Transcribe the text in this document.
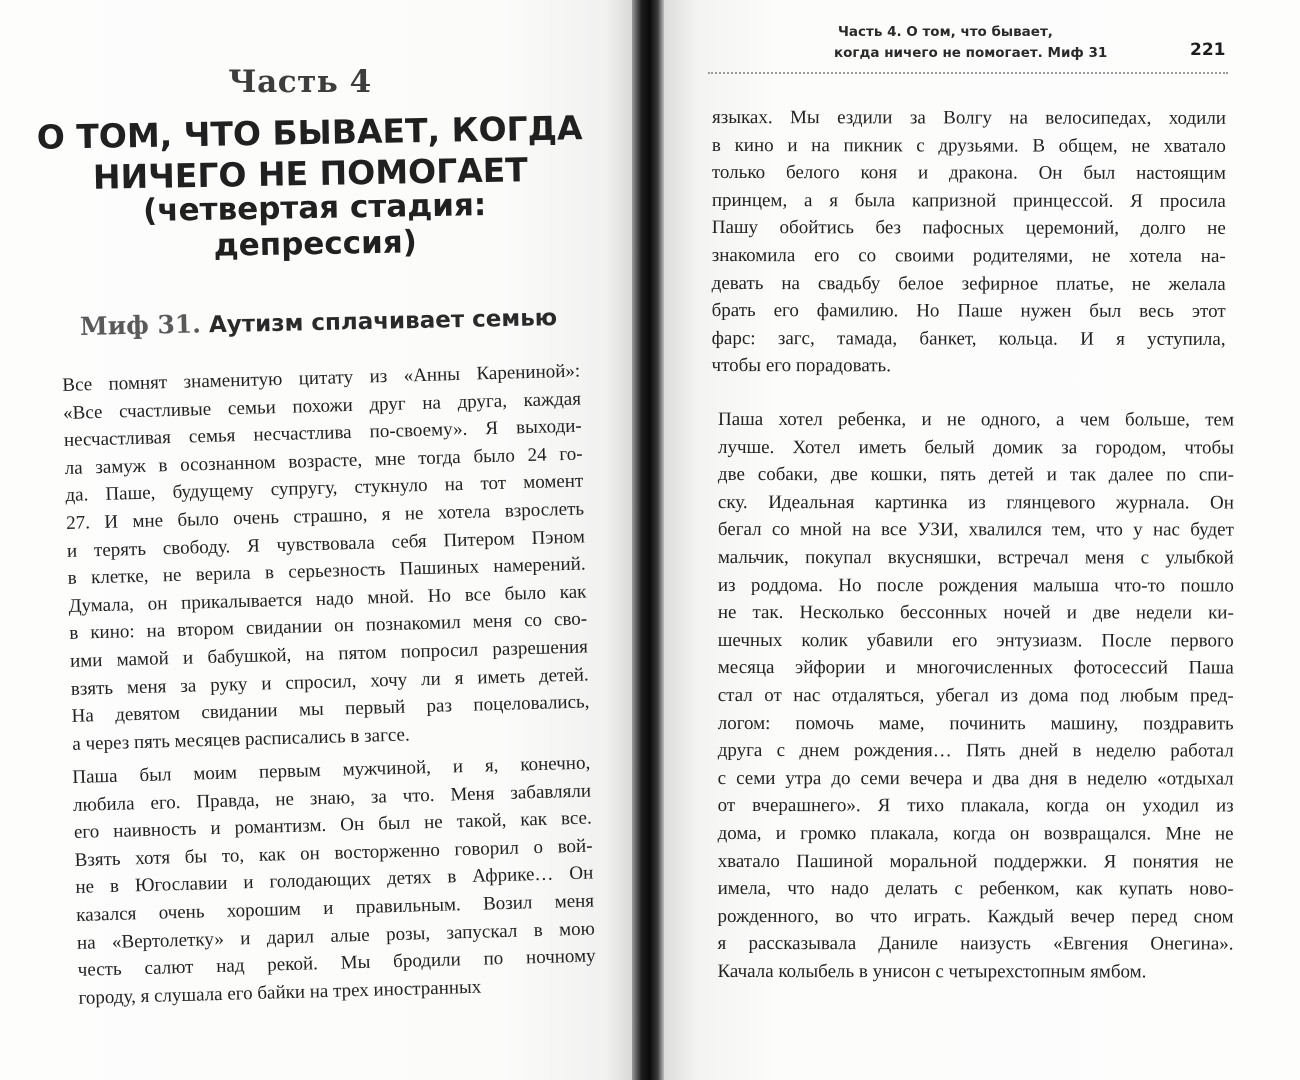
Часть 4
О ТОМ, ЧТО БЫВАЕТ, КОГДА
НИЧЕГО НЕ ПОМОГАЕТ
(четвертая стадия: депрессия)
Миф 31. Аутизм сплачивает семью
Все помнят знаменитую цитату из «Анны Карениной»:
«Все счастливые семьи похожи друг на друга, каждая
несчастливая семья несчастлива по-своему». Я выходи-
ла замуж в осознанном возрасте, мне тогда было 24 го-
да. Паше, будущему супругу, стукнуло на тот момент
27. И мне было очень страшно, я не хотела взрослеть
и терять свободу. Я чувствовала себя Питером Пэном
в клетке, не верила в серьезность Пашиных намерений.
Думала, он прикалывается надо мной. Но все было как
в кино: на втором свидании он познакомил меня со сво-
ими мамой и бабушкой, на пятом попросил разрешения
взять меня за руку и спросил, хочу ли я иметь детей.
На девятом свидании мы первый раз поцеловались,
а через пять месяцев расписались в загсе.
Паша был моим первым мужчиной, и я, конечно,
любила его. Правда, не знаю, за что. Меня забавляли
его наивность и романтизм. Он был не такой, как все.
Взять хотя бы то, как он восторженно говорил о вой-
не в Югославии и голодающих детях в Африке… Он
казался очень хорошим и правильным. Возил меня
на «Вертолетку» и дарил алые розы, запускал в мою
честь салют над рекой. Мы бродили по ночному
городу, я слушала его байки на трех иностранных
Часть 4. О том, что бывает,
когда ничего не помогает. Миф 31	221
языках. Мы ездили за Волгу на велосипедах, ходили
в кино и на пикник с друзьями. В общем, не хватало
только белого коня и дракона. Он был настоящим
принцем, а я была капризной принцессой. Я просила
Пашу обойтись без пафосных церемоний, долго не
знакомила его со своими родителями, не хотела на-
девать на свадьбу белое зефирное платье, не желала
брать его фамилию. Но Паше нужен был весь этот
фарс: загс, тамада, банкет, кольца. И я уступила,
чтобы его порадовать.
Паша хотел ребенка, и не одного, а чем больше, тем
лучше. Хотел иметь белый домик за городом, чтобы
две собаки, две кошки, пять детей и так далее по спи-
ску. Идеальная картинка из глянцевого журнала. Он
бегал со мной на все УЗИ, хвалился тем, что у нас будет
мальчик, покупал вкусняшки, встречал меня с улыбкой
из роддома. Но после рождения малыша что-то пошло
не так. Несколько бессонных ночей и две недели ки-
шечных колик убавили его энтузиазм. После первого
месяца эйфории и многочисленных фотосессий Паша
стал от нас отдаляться, убегал из дома под любым пред-
логом: помочь маме, починить машину, поздравить
друга с днем рождения… Пять дней в неделю работал
с семи утра до семи вечера и два дня в неделю «отдыхал
от вчерашнего». Я тихо плакала, когда он уходил из
дома, и громко плакала, когда он возвращался. Мне не
хватало Пашиной моральной поддержки. Я понятия не
имела, что надо делать с ребенком, как купать ново-
рожденного, во что играть. Каждый вечер перед сном
я рассказывала Даниле наизусть «Евгения Онегина».
Качала колыбель в унисон с четырехстопным ямбом.
